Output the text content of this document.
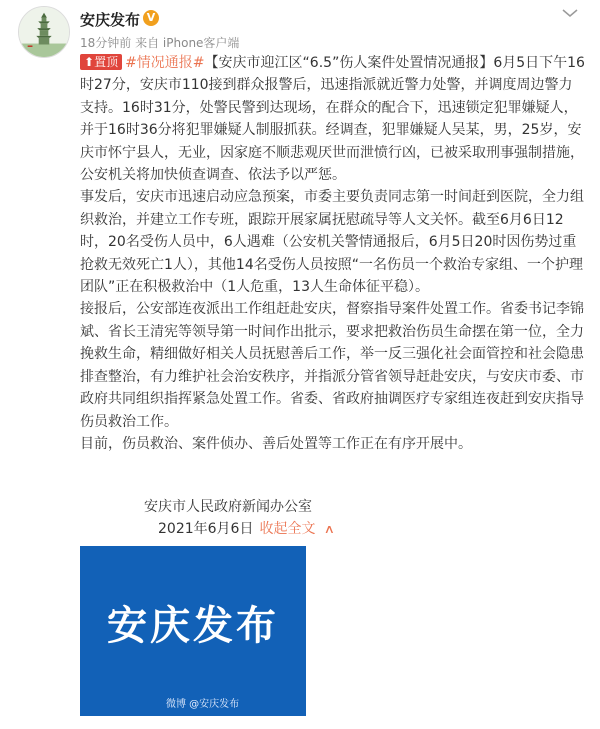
安庆发布 V
18分钟前 来自 iPhone客户端

⬆置顶 #情况通报#【安庆市迎江区“6.5”伤人案件处置情况通报】6月5日下午16时27分，安庆市110接到群众报警后，迅速指派就近警力处警，并调度周边警力支持。16时31分，处警民警到达现场，在群众的配合下，迅速锁定犯罪嫌疑人，并于16时36分将犯罪嫌疑人制服抓获。经调查，犯罪嫌疑人吴某，男，25岁，安庆市怀宁县人，无业，因家庭不顺悲观厌世而泄愤行凶，已被采取刑事强制措施，公安机关将加快侦查调查、依法予以严惩。

事发后，安庆市迅速启动应急预案，市委主要负责同志第一时间赶到医院，全力组织救治，并建立工作专班，跟踪开展家属抚慰疏导等人文关怀。截至6月6日12时，20名受伤人员中，6人遇难（公安机关警情通报后，6月5日20时因伤势过重抢救无效死亡1人），其他14名受伤人员按照“一名伤员一个救治专家组、一个护理团队”正在积极救治中（1人危重，13人生命体征平稳）。

接报后，公安部连夜派出工作组赶赴安庆，督察指导案件处置工作。省委书记李锦斌、省长王清宪等领导第一时间作出批示，要求把救治伤员生命摆在第一位，全力挽救生命，精细做好相关人员抚慰善后工作，举一反三强化社会面管控和社会隐患排查整治，有力维护社会治安秩序，并指派分管省领导赶赴安庆，与安庆市委、市政府共同组织指挥紧急处置工作。省委、省政府抽调医疗专家组连夜赶到安庆指导伤员救治工作。

目前，伤员救治、案件侦办、善后处置等工作正在有序开展中。

安庆市人民政府新闻办公室
2021年6月6日 收起全文 ∧
安庆发布
微博 @安庆发布
